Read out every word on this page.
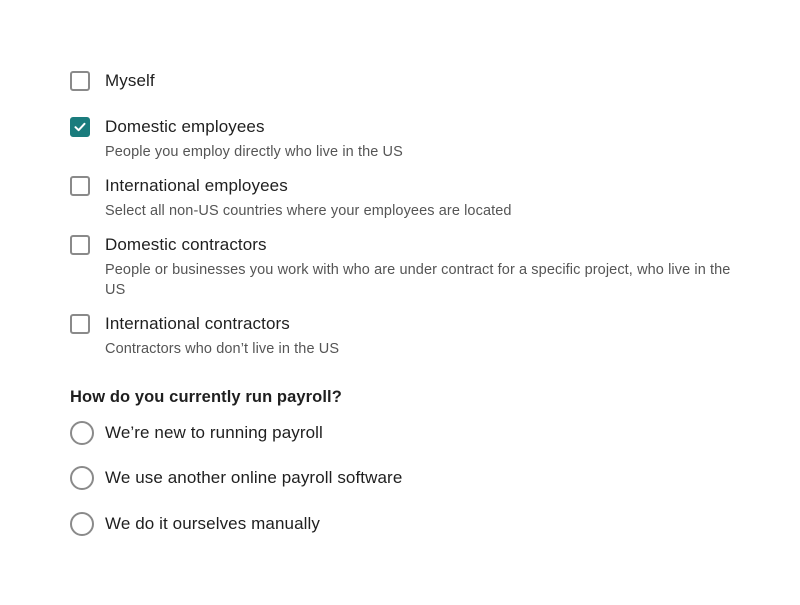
Myself
Domestic employees
People you employ directly who live in the US
International employees
Select all non-US countries where your employees are located
Domestic contractors
People or businesses you work with who are under contract for a specific project, who live in the US
International contractors
Contractors who don’t live in the US
How do you currently run payroll?
We’re new to running payroll
We use another online payroll software
We do it ourselves manually
